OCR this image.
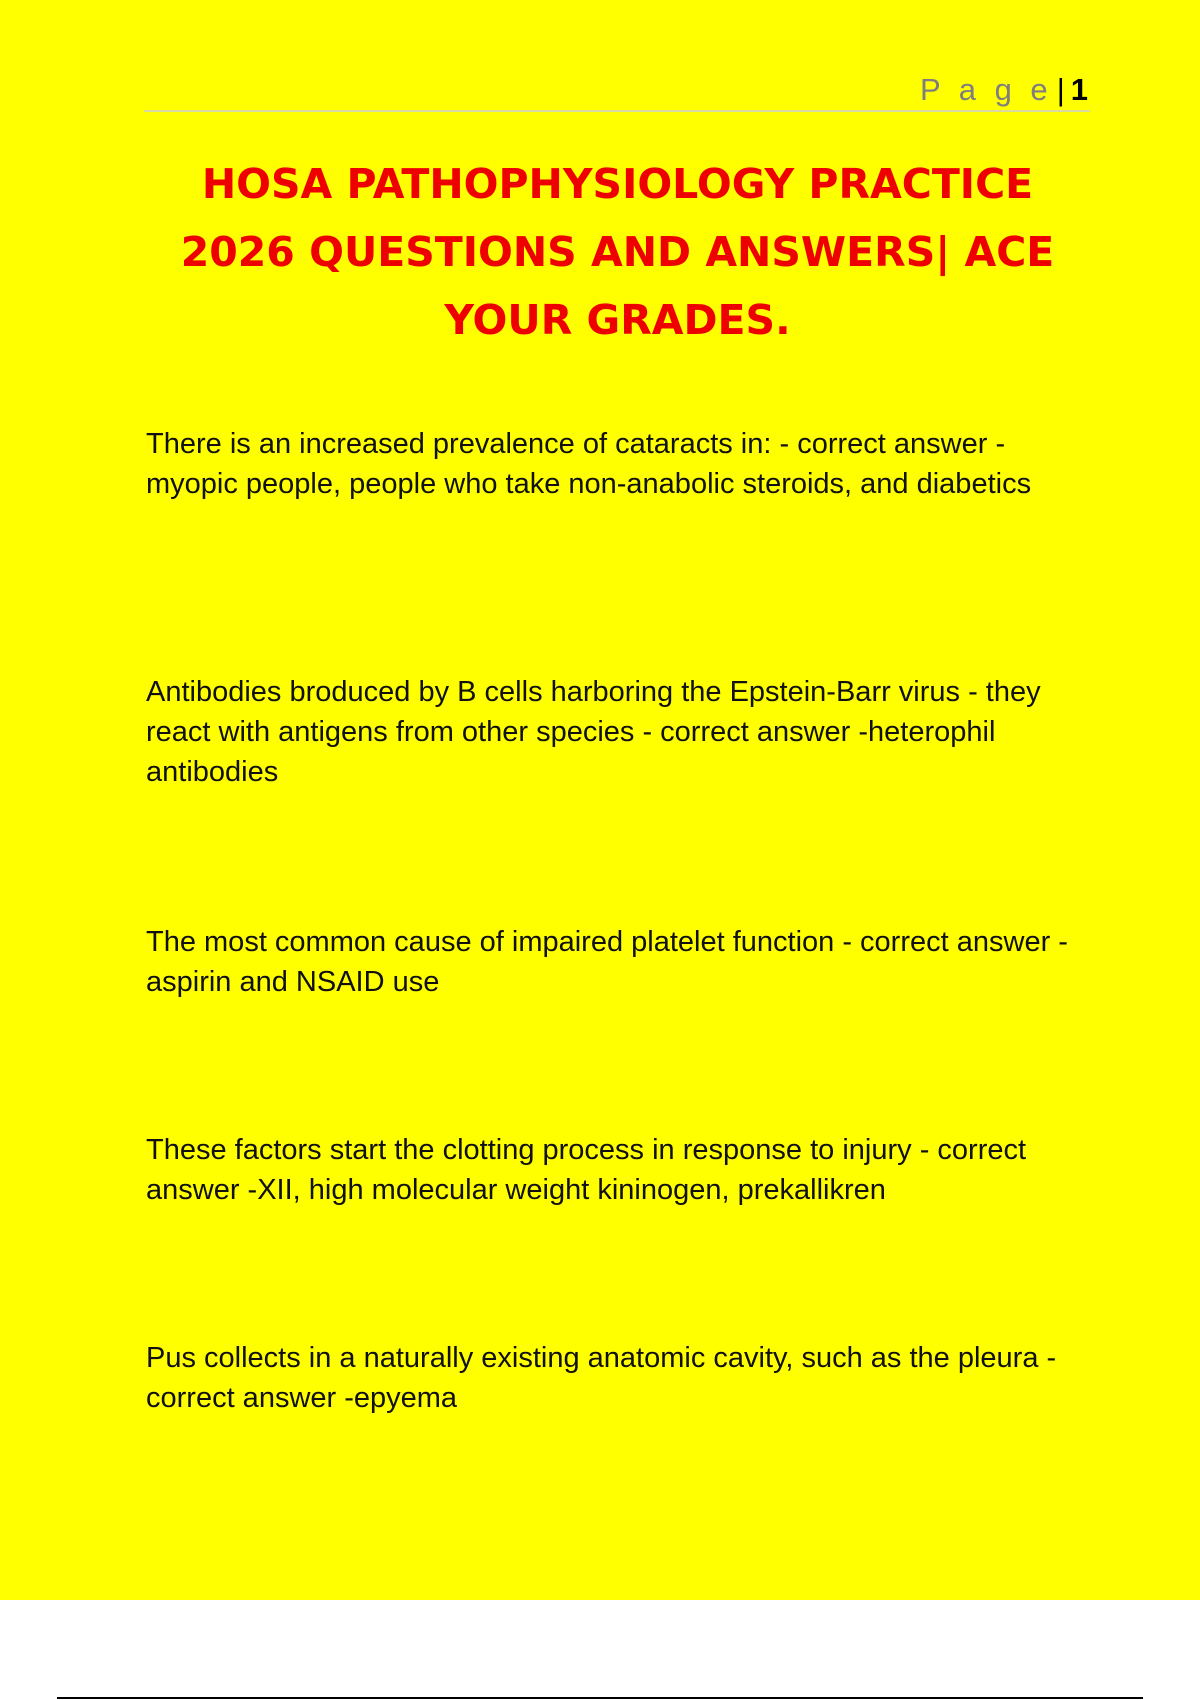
P a g e | 1
HOSA PATHOPHYSIOLOGY PRACTICE 2026 QUESTIONS AND ANSWERS| ACE YOUR GRADES.

There is an increased prevalence of cataracts in: - correct answer -myopic people, people who take non-anabolic steroids, and diabetics

Antibodies broduced by B cells harboring the Epstein-Barr virus - they react with antigens from other species - correct answer -heterophil antibodies

The most common cause of impaired platelet function - correct answer -aspirin and NSAID use

These factors start the clotting process in response to injury - correct answer -XII, high molecular weight kininogen, prekallikren

Pus collects in a naturally existing anatomic cavity, such as the pleura - correct answer -epyema
